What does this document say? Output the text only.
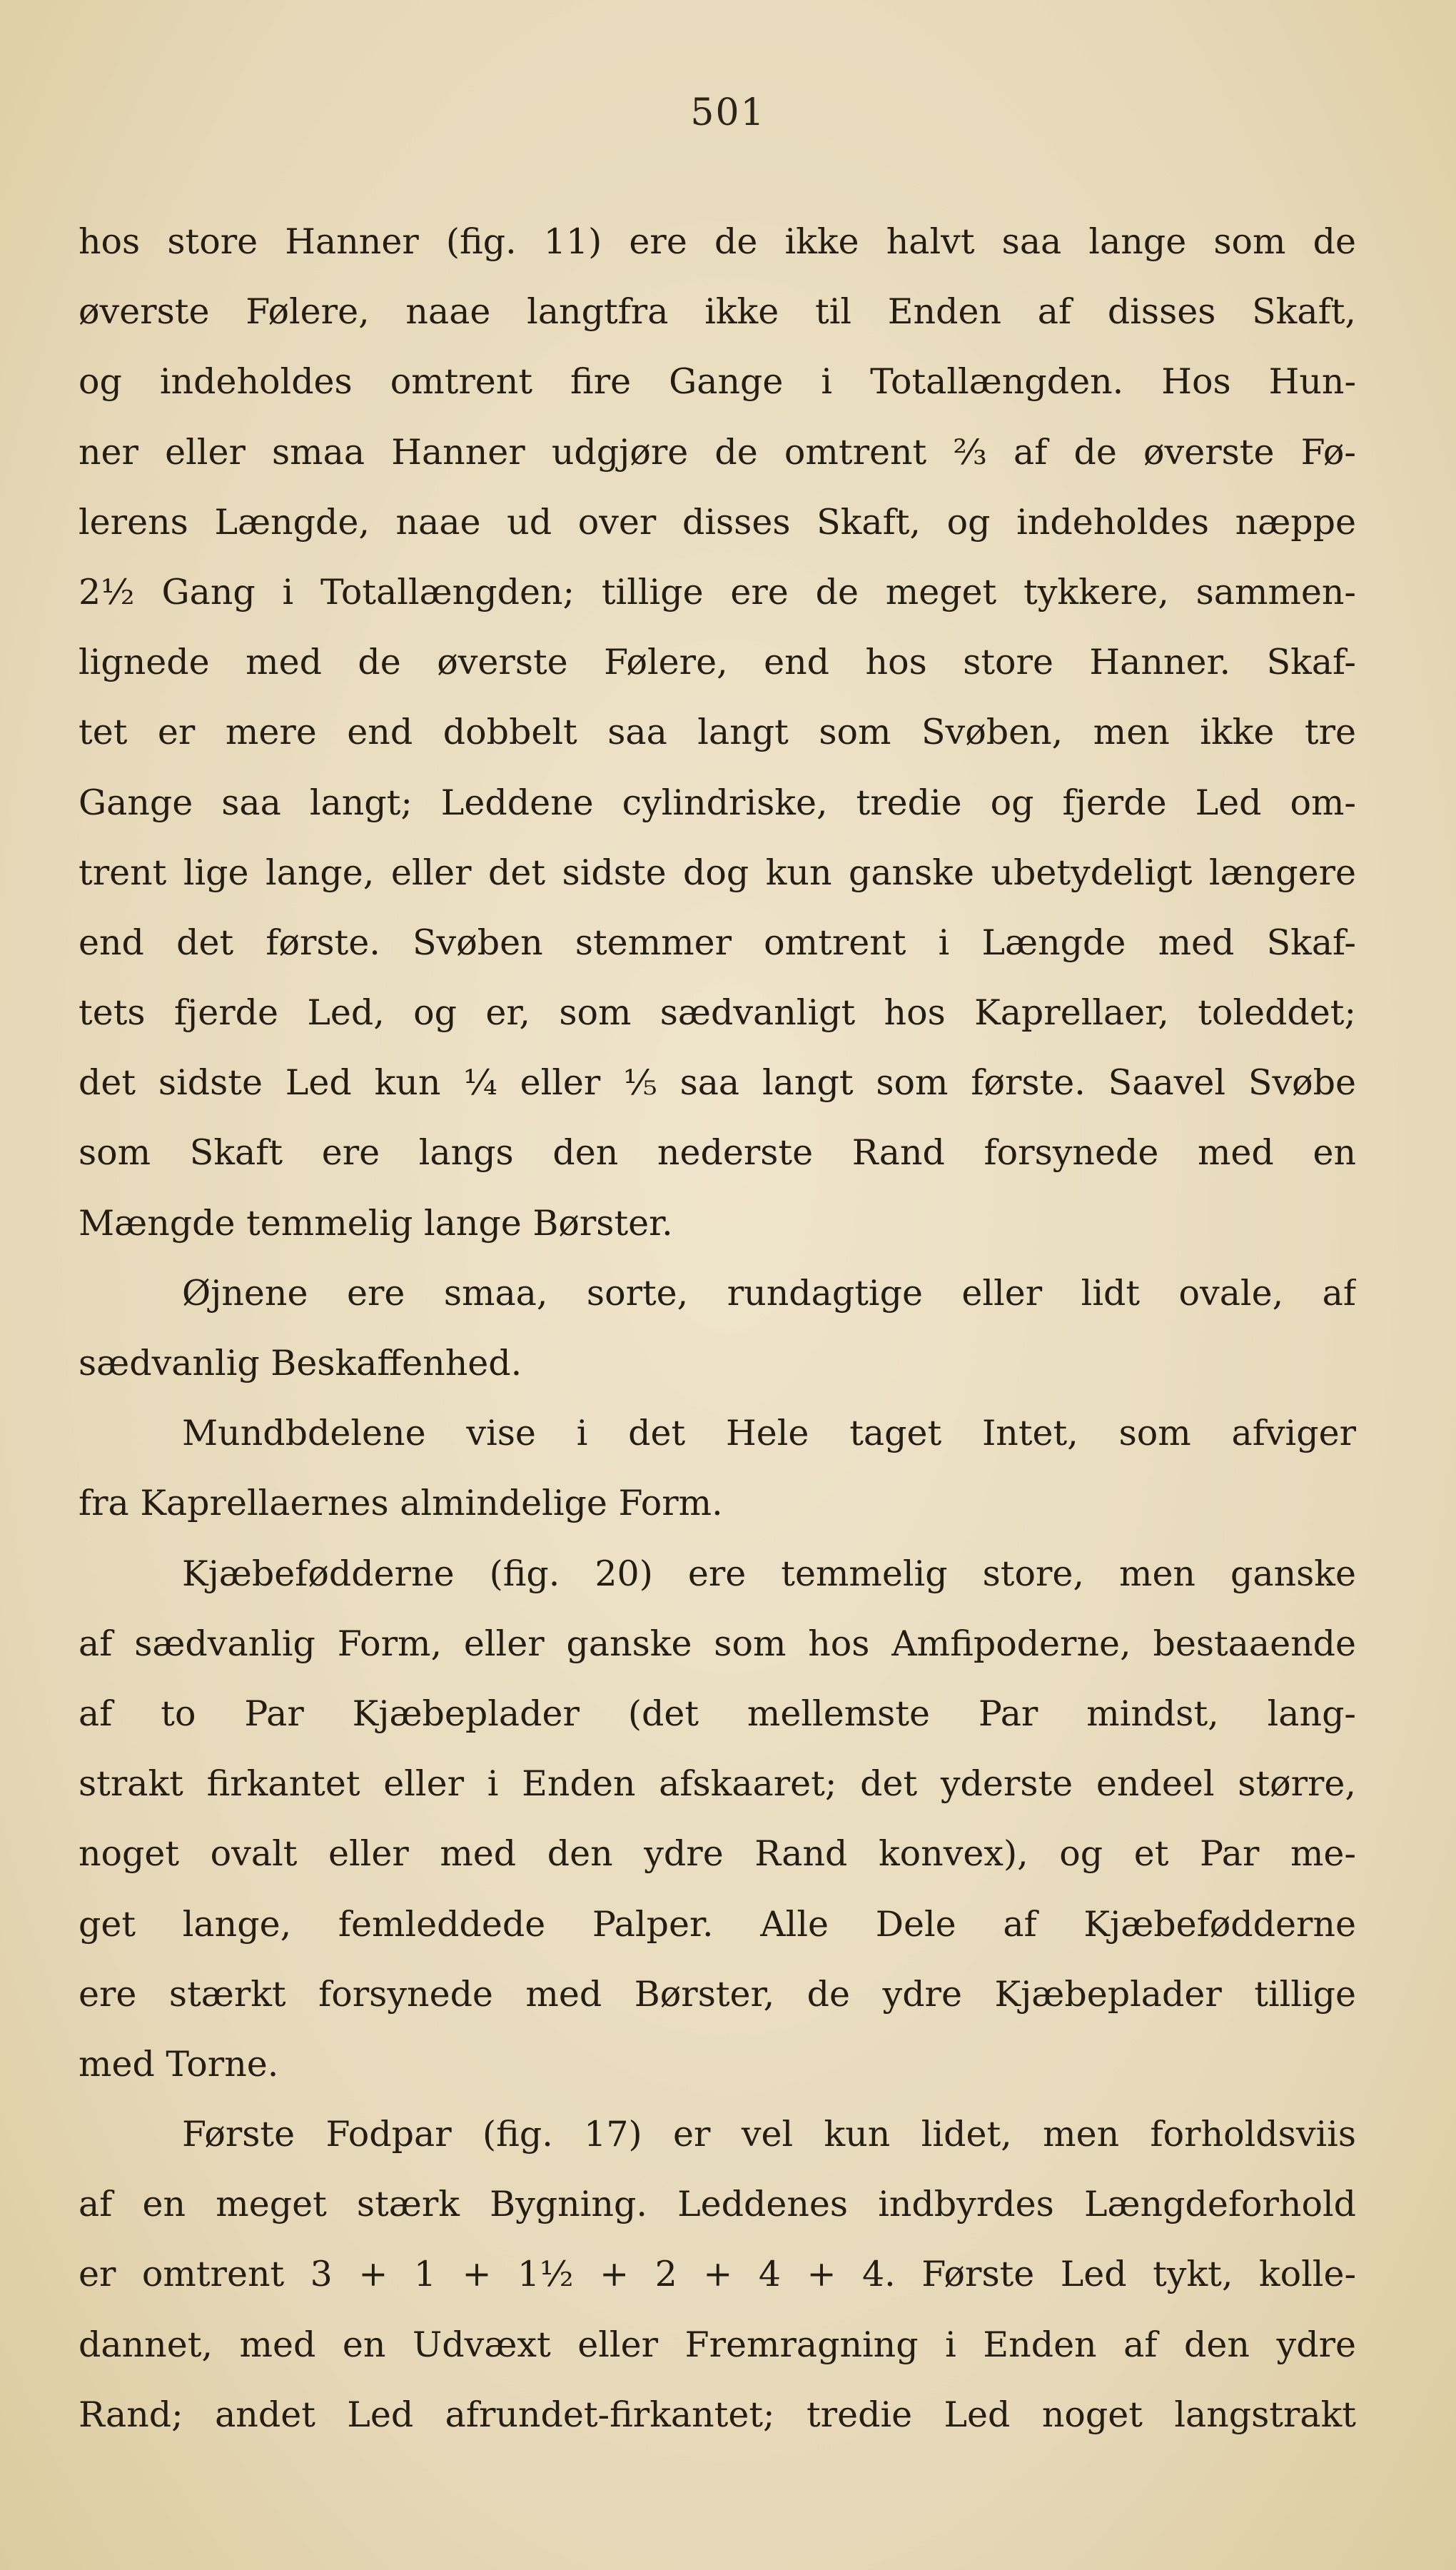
501
hos store Hanner (fig. 11) ere de ikke halvt saa lange som de
øverste Følere, naae langtfra ikke til Enden af disses Skaft,
og indeholdes omtrent fire Gange i Totallængden. Hos Hun-
ner eller smaa Hanner udgjøre de omtrent ⅔ af de øverste Fø-
lerens Længde, naae ud over disses Skaft, og indeholdes næppe
2½ Gang i Totallængden; tillige ere de meget tykkere, sammen-
lignede med de øverste Følere, end hos store Hanner. Skaf-
tet er mere end dobbelt saa langt som Svøben, men ikke tre
Gange saa langt; Leddene cylindriske, tredie og fjerde Led om-
trent lige lange, eller det sidste dog kun ganske ubetydeligt længere
end det første. Svøben stemmer omtrent i Længde med Skaf-
tets fjerde Led, og er, som sædvanligt hos Kaprellaer, toleddet;
det sidste Led kun ¼ eller ⅕ saa langt som første. Saavel Svøbe
som Skaft ere langs den nederste Rand forsynede med en
Mængde temmelig lange Børster.
Øjnene ere smaa, sorte, rundagtige eller lidt ovale, af
sædvanlig Beskaffenhed.
Mundbdelene vise i det Hele taget Intet, som afviger
fra Kaprellaernes almindelige Form.
Kjæbefødderne (fig. 20) ere temmelig store, men ganske
af sædvanlig Form, eller ganske som hos Amfipoderne, bestaaende
af to Par Kjæbeplader (det mellemste Par mindst, lang-
strakt firkantet eller i Enden afskaaret; det yderste endeel større,
noget ovalt eller med den ydre Rand konvex), og et Par me-
get lange, femleddede Palper. Alle Dele af Kjæbefødderne
ere stærkt forsynede med Børster, de ydre Kjæbeplader tillige
med Torne.
Første Fodpar (fig. 17) er vel kun lidet, men forholdsviis
af en meget stærk Bygning. Leddenes indbyrdes Længdeforhold
er omtrent 3 + 1 + 1½ + 2 + 4 + 4. Første Led tykt, kolle-
dannet, med en Udvæxt eller Fremragning i Enden af den ydre
Rand; andet Led afrundet-firkantet; tredie Led noget langstrakt
